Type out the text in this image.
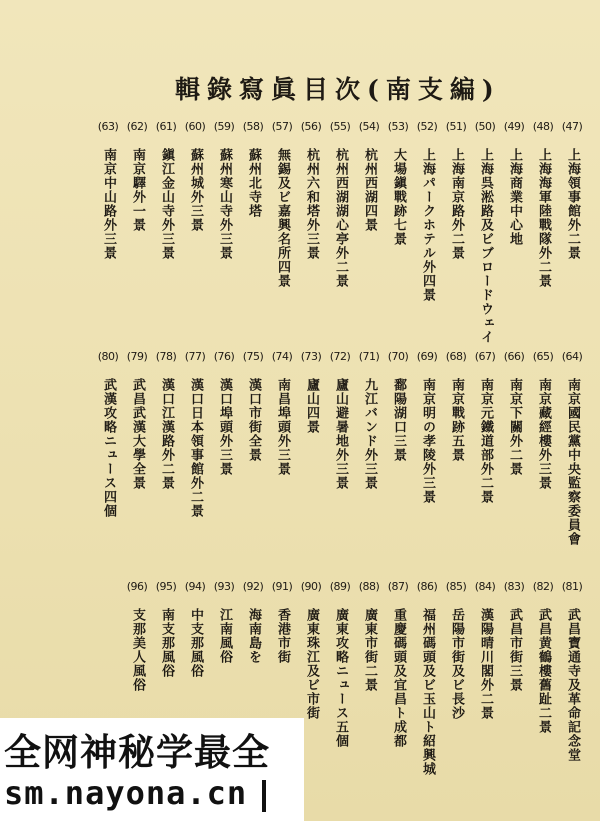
輯錄寫眞目次(南支編)
(47)
上海領事館外二景
(48)
上海海軍陸戰隊外二景
(49)
上海商業中心地
(50)
上海呉淞路及ビブロードウェイ
(51)
上海南京路外二景
(52)
上海パークホテル外四景
(53)
大場鎭戰跡七景
(54)
杭州西湖四景
(55)
杭州西湖湖心亭外二景
(56)
杭州六和塔外三景
(57)
無錫及ビ嘉興名所四景
(58)
蘇州北寺塔
(59)
蘇州寒山寺外三景
(60)
蘇州城外三景
(61)
鎭江金山寺外三景
(62)
南京驛外一景
(63)
南京中山路外三景
(64)
南京國民黨中央監察委員會
(65)
南京藏經樓外三景
(66)
南京下關外二景
(67)
南京元鐵道部外二景
(68)
南京戰跡五景
(69)
南京明の孝陵外三景
(70)
鄱陽湖口三景
(71)
九江バンド外三景
(72)
廬山避暑地外三景
(73)
廬山四景
(74)
南昌埠頭外三景
(75)
漢口市街全景
(76)
漢口埠頭外三景
(77)
漢口日本領事館外二景
(78)
漢口江漢路外二景
(79)
武昌武漢大學全景
(80)
武漢攻略ニュース四個
(81)
武昌寶通寺及革命記念堂
(82)
武昌黄鶴樓舊趾二景
(83)
武昌市街三景
(84)
漢陽晴川閣外二景
(85)
岳陽市街及ビ長沙
(86)
福州碼頭及ビ玉山ト紹興城
(87)
重慶碼頭及宜昌ト成都
(88)
廣東市街二景
(89)
廣東攻略ニュース五個
(90)
廣東珠江及ビ市街
(91)
香港市街
(92)
海南島を
(93)
江南風俗
(94)
中支那風俗
(95)
南支那風俗
(96)
支那美人風俗
全网神秘学最全
sm.nayona.cn
